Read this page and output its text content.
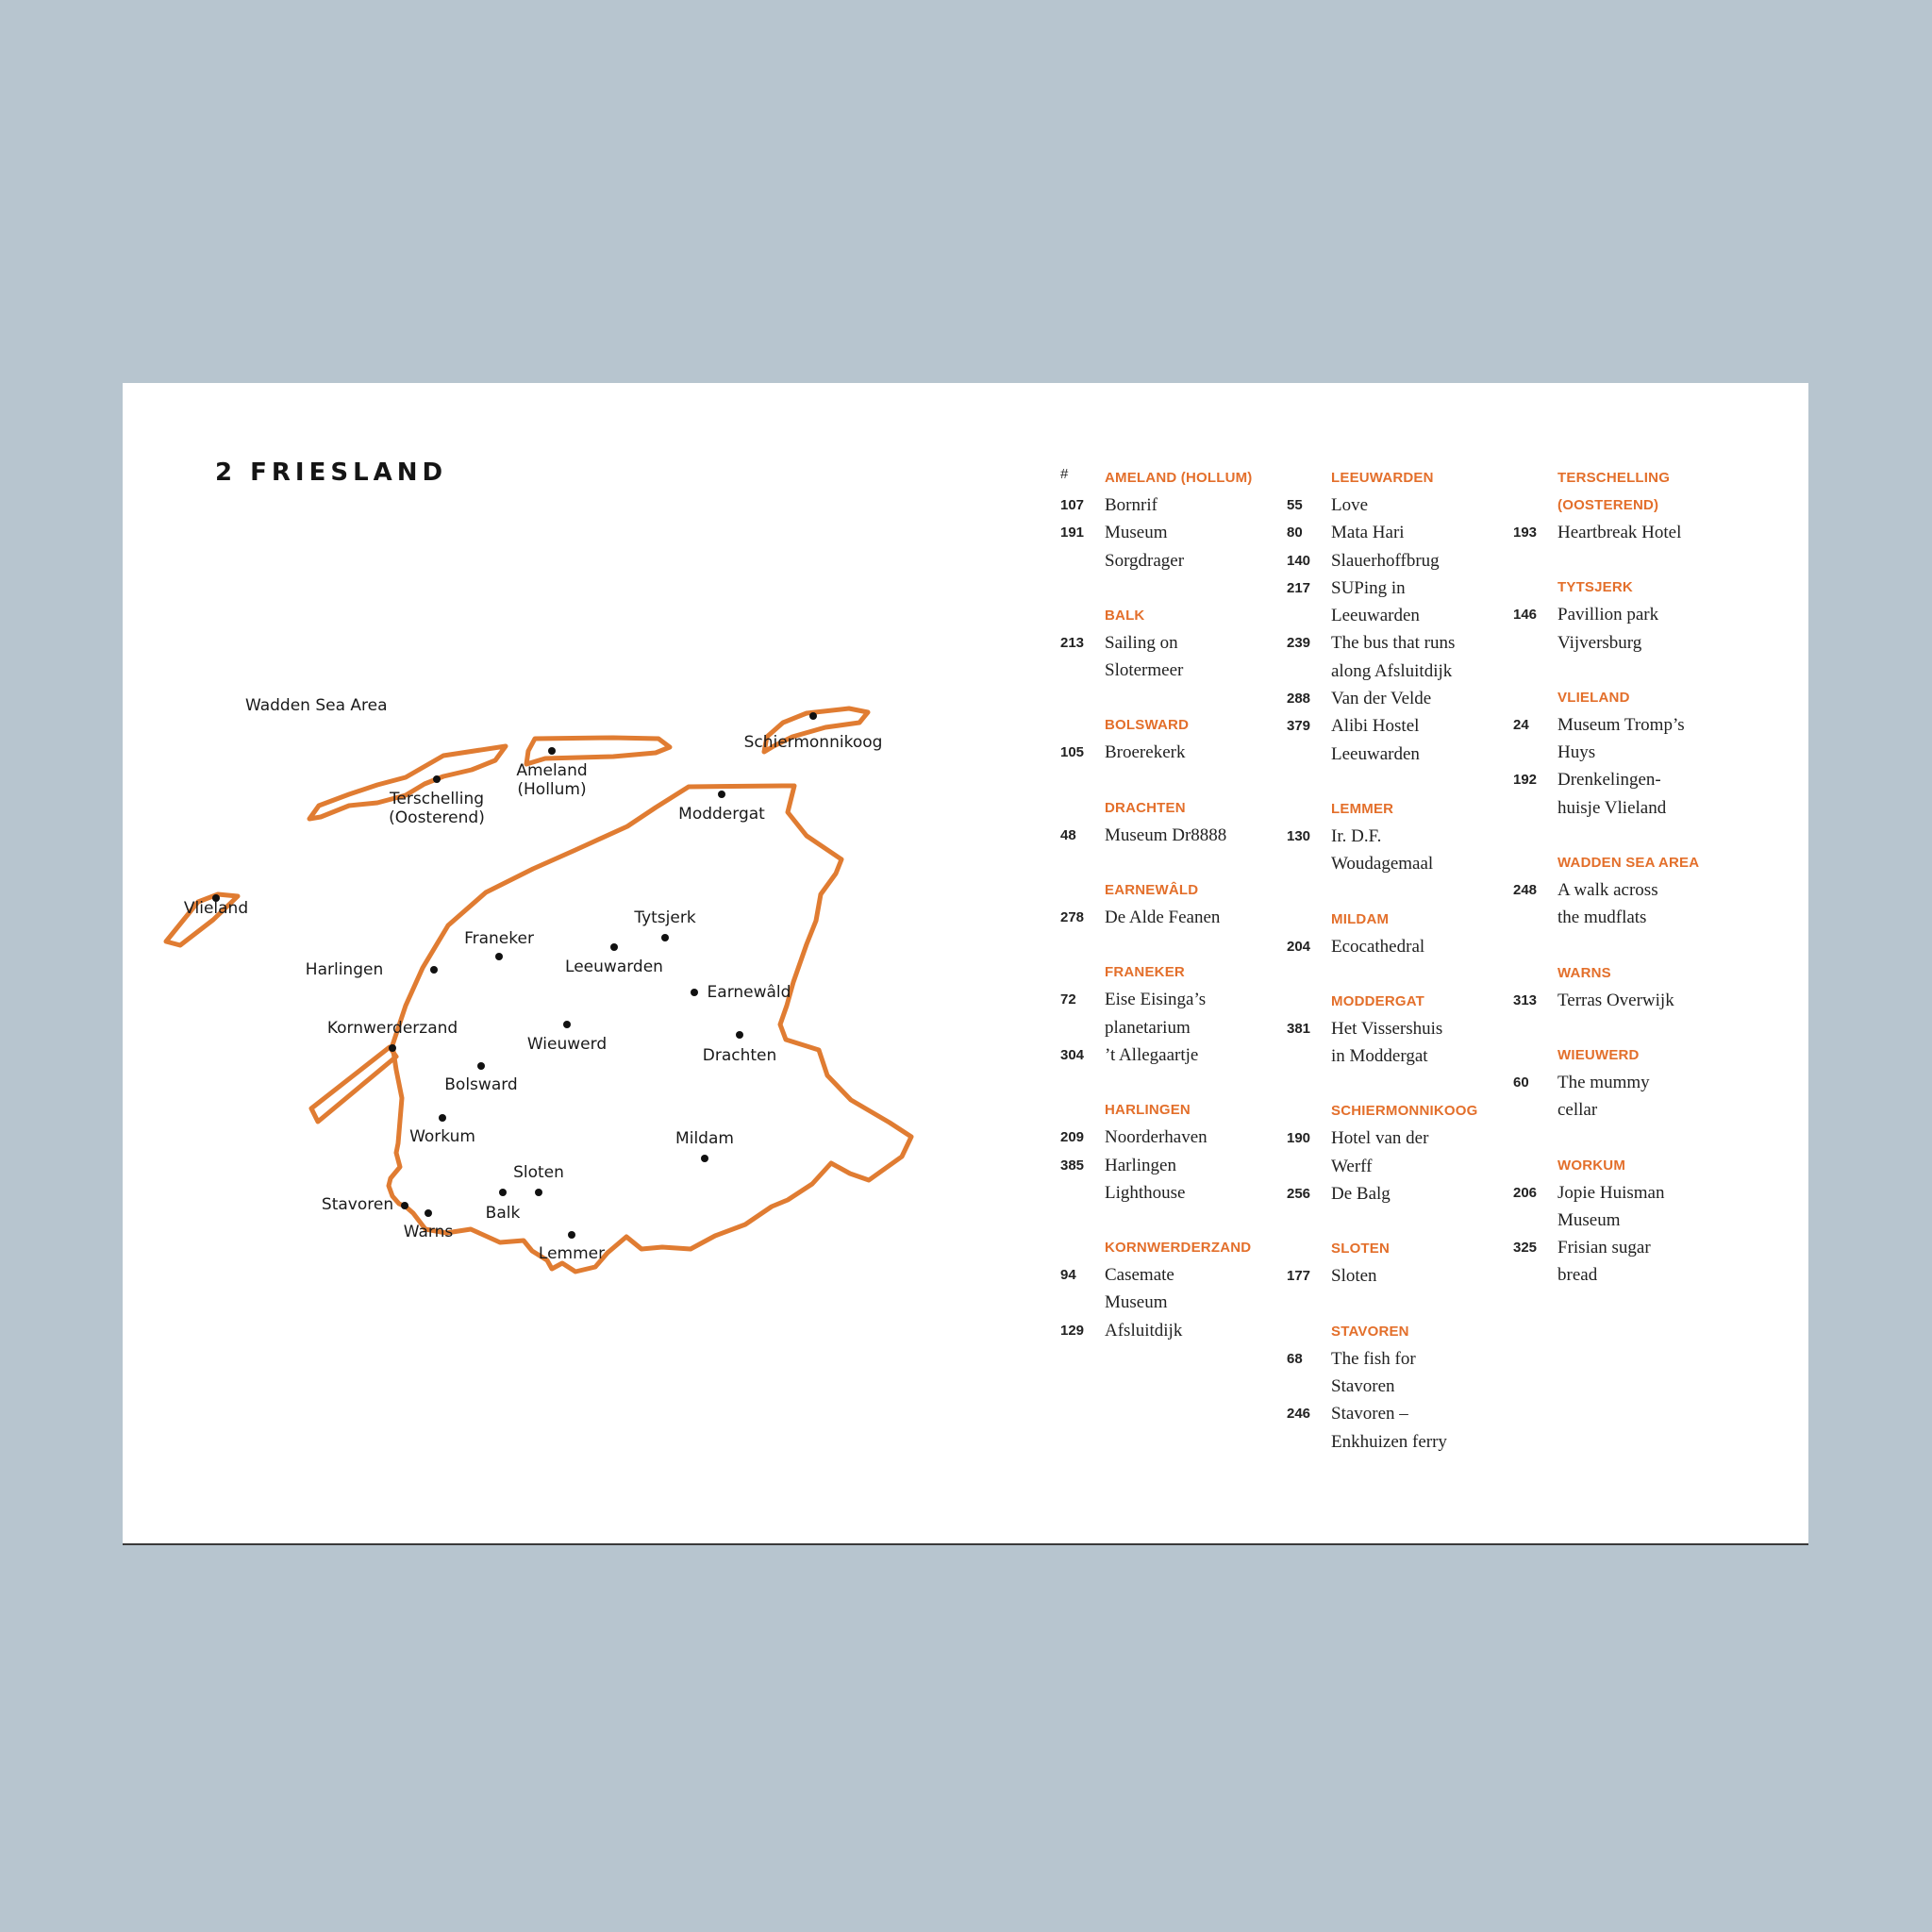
2 FRIESLAND
Schiermonnikoog
Ameland (Hollum)
Terschelling (Oosterend)
Vlieland
Moddergat
Tytsjerk
Franeker
Leeuwarden
Harlingen
Earnewâld
Kornwerderzand
Wieuwerd
Drachten
Bolsward
Workum	Mildam
Sloten
Stavoren	Balk
Warns
Lemmer
Wadden Sea Area
#	AMELAND (HOLLUM)
107	Bornrif
191	Museum
Sorgdrager
BALK
213	Sailing on
Slotermeer
BOLSWARD
105	Broerekerk
DRACHTEN
48	Museum Dr8888
EARNEWÂLD
278	De Alde Feanen
FRANEKER
72	Eise Eisinga’s
planetarium
304	’t Allegaartje
HARLINGEN
209	Noorderhaven
385	Harlingen
Lighthouse
KORNWERDERZAND
94	Casemate
Museum
129	Afsluitdijk
LEEUWARDEN
55	Love
80	Mata Hari
140	Slauerhoffbrug
217	SUPing in
Leeuwarden
239	The bus that runs
along Afsluitdijk
288	Van der Velde
379	Alibi Hostel
Leeuwarden
LEMMER
130	Ir. D.F.
Woudagemaal
MILDAM
204	Ecocathedral
MODDERGAT
381	Het Vissershuis
in Moddergat
SCHIERMONNIKOOG
190	Hotel van der
Werff
256	De Balg
SLOTEN
177	Sloten
STAVOREN
68	The fish for
Stavoren
246	Stavoren –
Enkhuizen ferry
TERSCHELLING
(OOSTEREND)
193	Heartbreak Hotel
TYTSJERK
146	Pavillion park
Vijversburg
VLIELAND
24	Museum Tromp’s
Huys
192	Drenkelingen-
huisje Vlieland
WADDEN SEA AREA
248	A walk across
the mudflats
WARNS
313	Terras Overwijk
WIEUWERD
60	The mummy
cellar
WORKUM
206	Jopie Huisman
Museum
325	Frisian sugar
bread
